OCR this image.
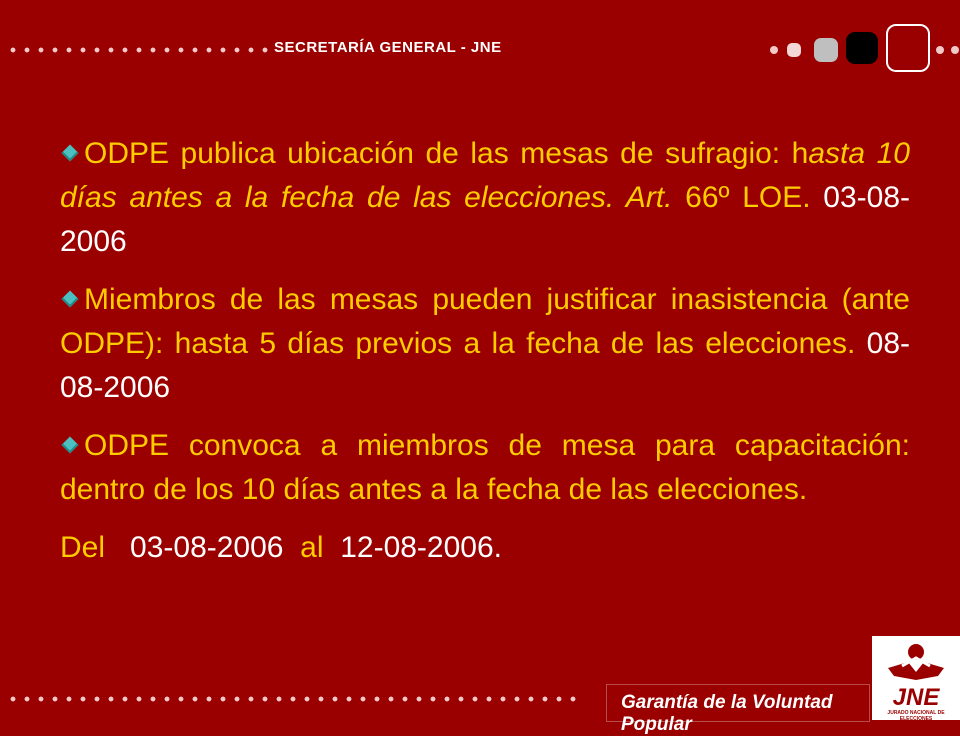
SECRETARÍA GENERAL - JNE

ODPE publica ubicación de las mesas de sufragio: hasta 10 días antes a la fecha de las elecciones. Art. 66º LOE. 03-08-2006

Miembros de las mesas pueden justificar inasistencia (ante ODPE): hasta 5 días previos a la fecha de las elecciones. 08-08-2006

ODPE convoca a miembros de mesa para capacitación: dentro de los 10 días antes a la fecha de las elecciones.

Del 03-08-2006 al 12-08-2006.

Garantía de la Voluntad Popular
JNE
JURADO NACIONAL DE ELECCIONES
